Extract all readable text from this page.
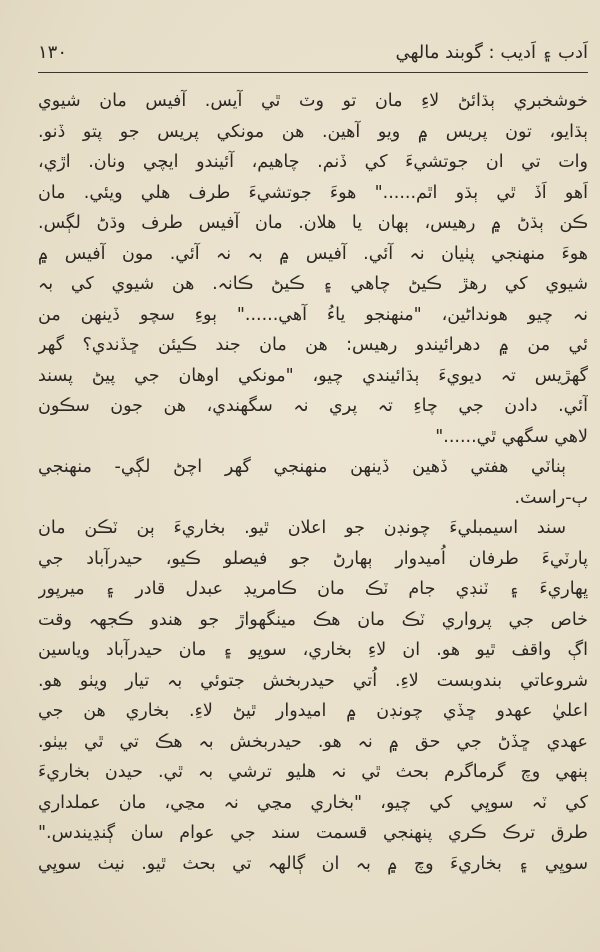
اَدب ۽ اَديب : گوبند مالهي
١٣٠
خوشخبري ٻڌائڻ لاءِ مان تو وٽ ٿي آيس. آفيس مان شيوي
ٻڌايو، تون پريس ۾ ويو آهين. هن مونکي پريس جو پتو ڏنو.
وات تي ان جوتشيءَ کي ڏنم. چاهيم، آئيندو ايچي ونان. اڙي،
اَهو اَڏ ٿي ٻڌو اٿم......" هوءَ جوتشيءَ طرف هلي ويئي. مان
ڪن ٻڌڻ ۾ رهيس، ٻهان يا هلان. مان آفيس طرف وڌڻ لڳس.
هوءَ منهنجي پٺيان نہ آئي. آفيس ۾ بہ نہ آئي. مون آفيس ۾
شيوي کي رهڙ ڪيڻ چاهي ۽ ڪيڻ ڪانہ. هن شيوي کي بہ
نہ چيو هونداڻين، "منهنجو ياءُ آهي......" ٻوءِ سچو ڏينهن من
ئي من ۾ دهرائيندو رهيس: هن مان جند ڪيئن ڇڏندي؟ گهر
گهڙيس تہ ديويءَ ٻڌائيندي چيو، "مونکي اوهان جي پيڻ پسند
آئي. دادن جي چاءِ تہ پري نہ سگهندي، هن جون سڪون
لاهي سگهي ٿي......"
ٻناٽي هفتي ڏهين ڏينهن منهنجي گهر اچڻ لڳي- منهنجي
ٻ-راسٽ.
سند اسيمبليءَ چونڊن جو اعلان ٿيو. بخاريءَ ٻن ٽڪن مان
پارٽيءَ طرفان اُميدوار ٻهارڻ جو فيصلو ڪيو، حيدرآباد جي
ڀهاريءَ ۽ ٽنڊي جام ٽڪ مان ڪامريڊ عبدل قادر ۽ ميرپور
خاص جي پرواري ٽڪ مان هڪ مينگهواڙ جو هندو ڪجھہ وقت
اڳ واقف ٿيو هو. ان لاءِ بخاري، سوڀو ۽ مان حيدرآباد وياسين
شروعاتي بندوبست لاءِ. اُتي حيدربخش جتوئي بہ تيار ويٺو هو.
اعليٰ عهدو ڇڏي چونڊن ۾ اميدوار ٿيڻ لاءِ. بخاري هن جي
عهدي ڇڏڻ جي حق ۾ نہ هو. حيدربخش بہ هڪ تي ٿي بيٺو.
ٻنهي وچ گرماگرم بحث ٿي نہ هليو ترشي بہ ٿي. حيدن بخاريءَ
کي ٽہ سوڀي کي چيو، "بخاري مڃي نہ مڃي، مان عملداري
طرق ترڪ ڪري پنهنجي قسمت سند جي عوام سان ڳنڍيندس."
سوڀي ۽ بخاريءَ وچ ۾ بہ ان ڳالھہ تي بحث ٿيو. نيٺ سوڀي
